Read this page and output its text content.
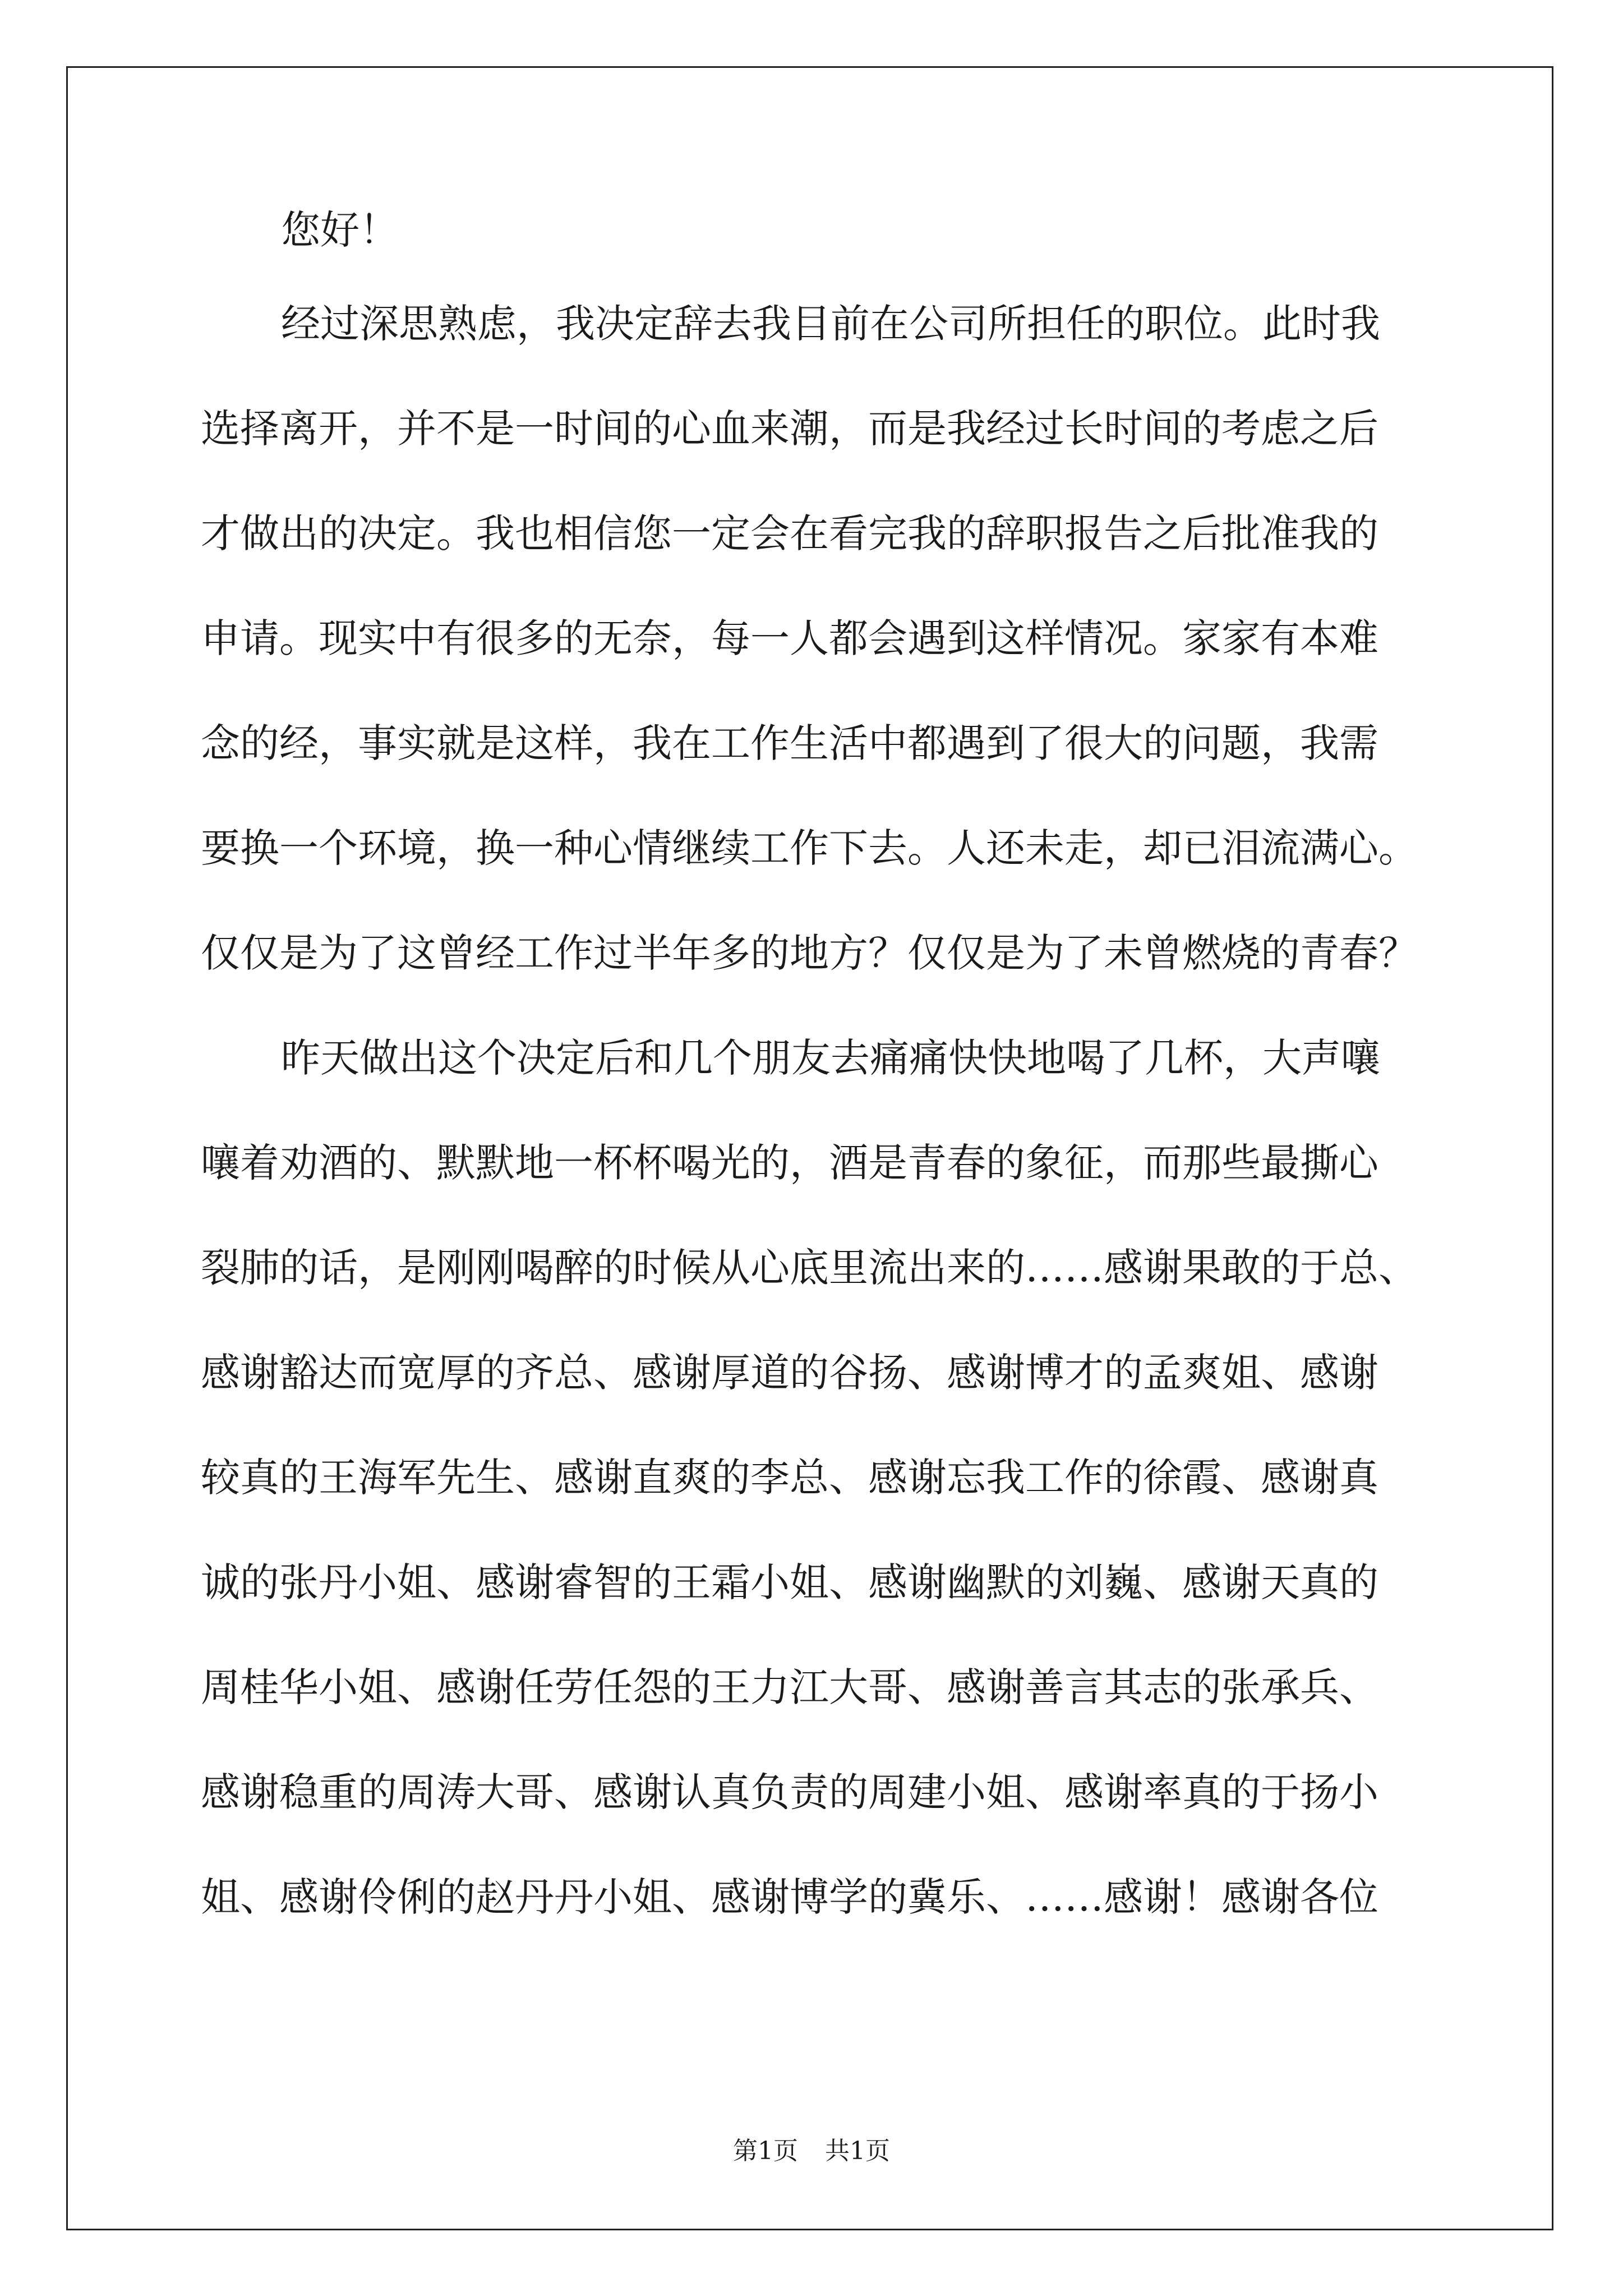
您好！
经过深思熟虑，我决定辞去我目前在公司所担任的职位。此时我
选择离开，并不是一时间的心血来潮，而是我经过长时间的考虑之后
才做出的决定。我也相信您一定会在看完我的辞职报告之后批准我的
申请。现实中有很多的无奈，每一人都会遇到这样情况。家家有本难
念的经，事实就是这样，我在工作生活中都遇到了很大的问题，我需
要换一个环境，换一种心情继续工作下去。人还未走，却已泪流满心。
仅仅是为了这曾经工作过半年多的地方？仅仅是为了未曾燃烧的青春？
昨天做出这个决定后和几个朋友去痛痛快快地喝了几杯，大声嚷
嚷着劝酒的、默默地一杯杯喝光的，酒是青春的象征，而那些最撕心
裂肺的话，是刚刚喝醉的时候从心底里流出来的……感谢果敢的于总、
感谢豁达而宽厚的齐总、感谢厚道的谷扬、感谢博才的孟爽姐、感谢
较真的王海军先生、感谢直爽的李总、感谢忘我工作的徐霞、感谢真
诚的张丹小姐、感谢睿智的王霜小姐、感谢幽默的刘巍、感谢天真的
周桂华小姐、感谢任劳任怨的王力江大哥、感谢善言其志的张承兵、
感谢稳重的周涛大哥、感谢认真负责的周建小姐、感谢率真的于扬小
姐、感谢伶俐的赵丹丹小姐、感谢博学的冀乐、……感谢！感谢各位
第1页 共1页
